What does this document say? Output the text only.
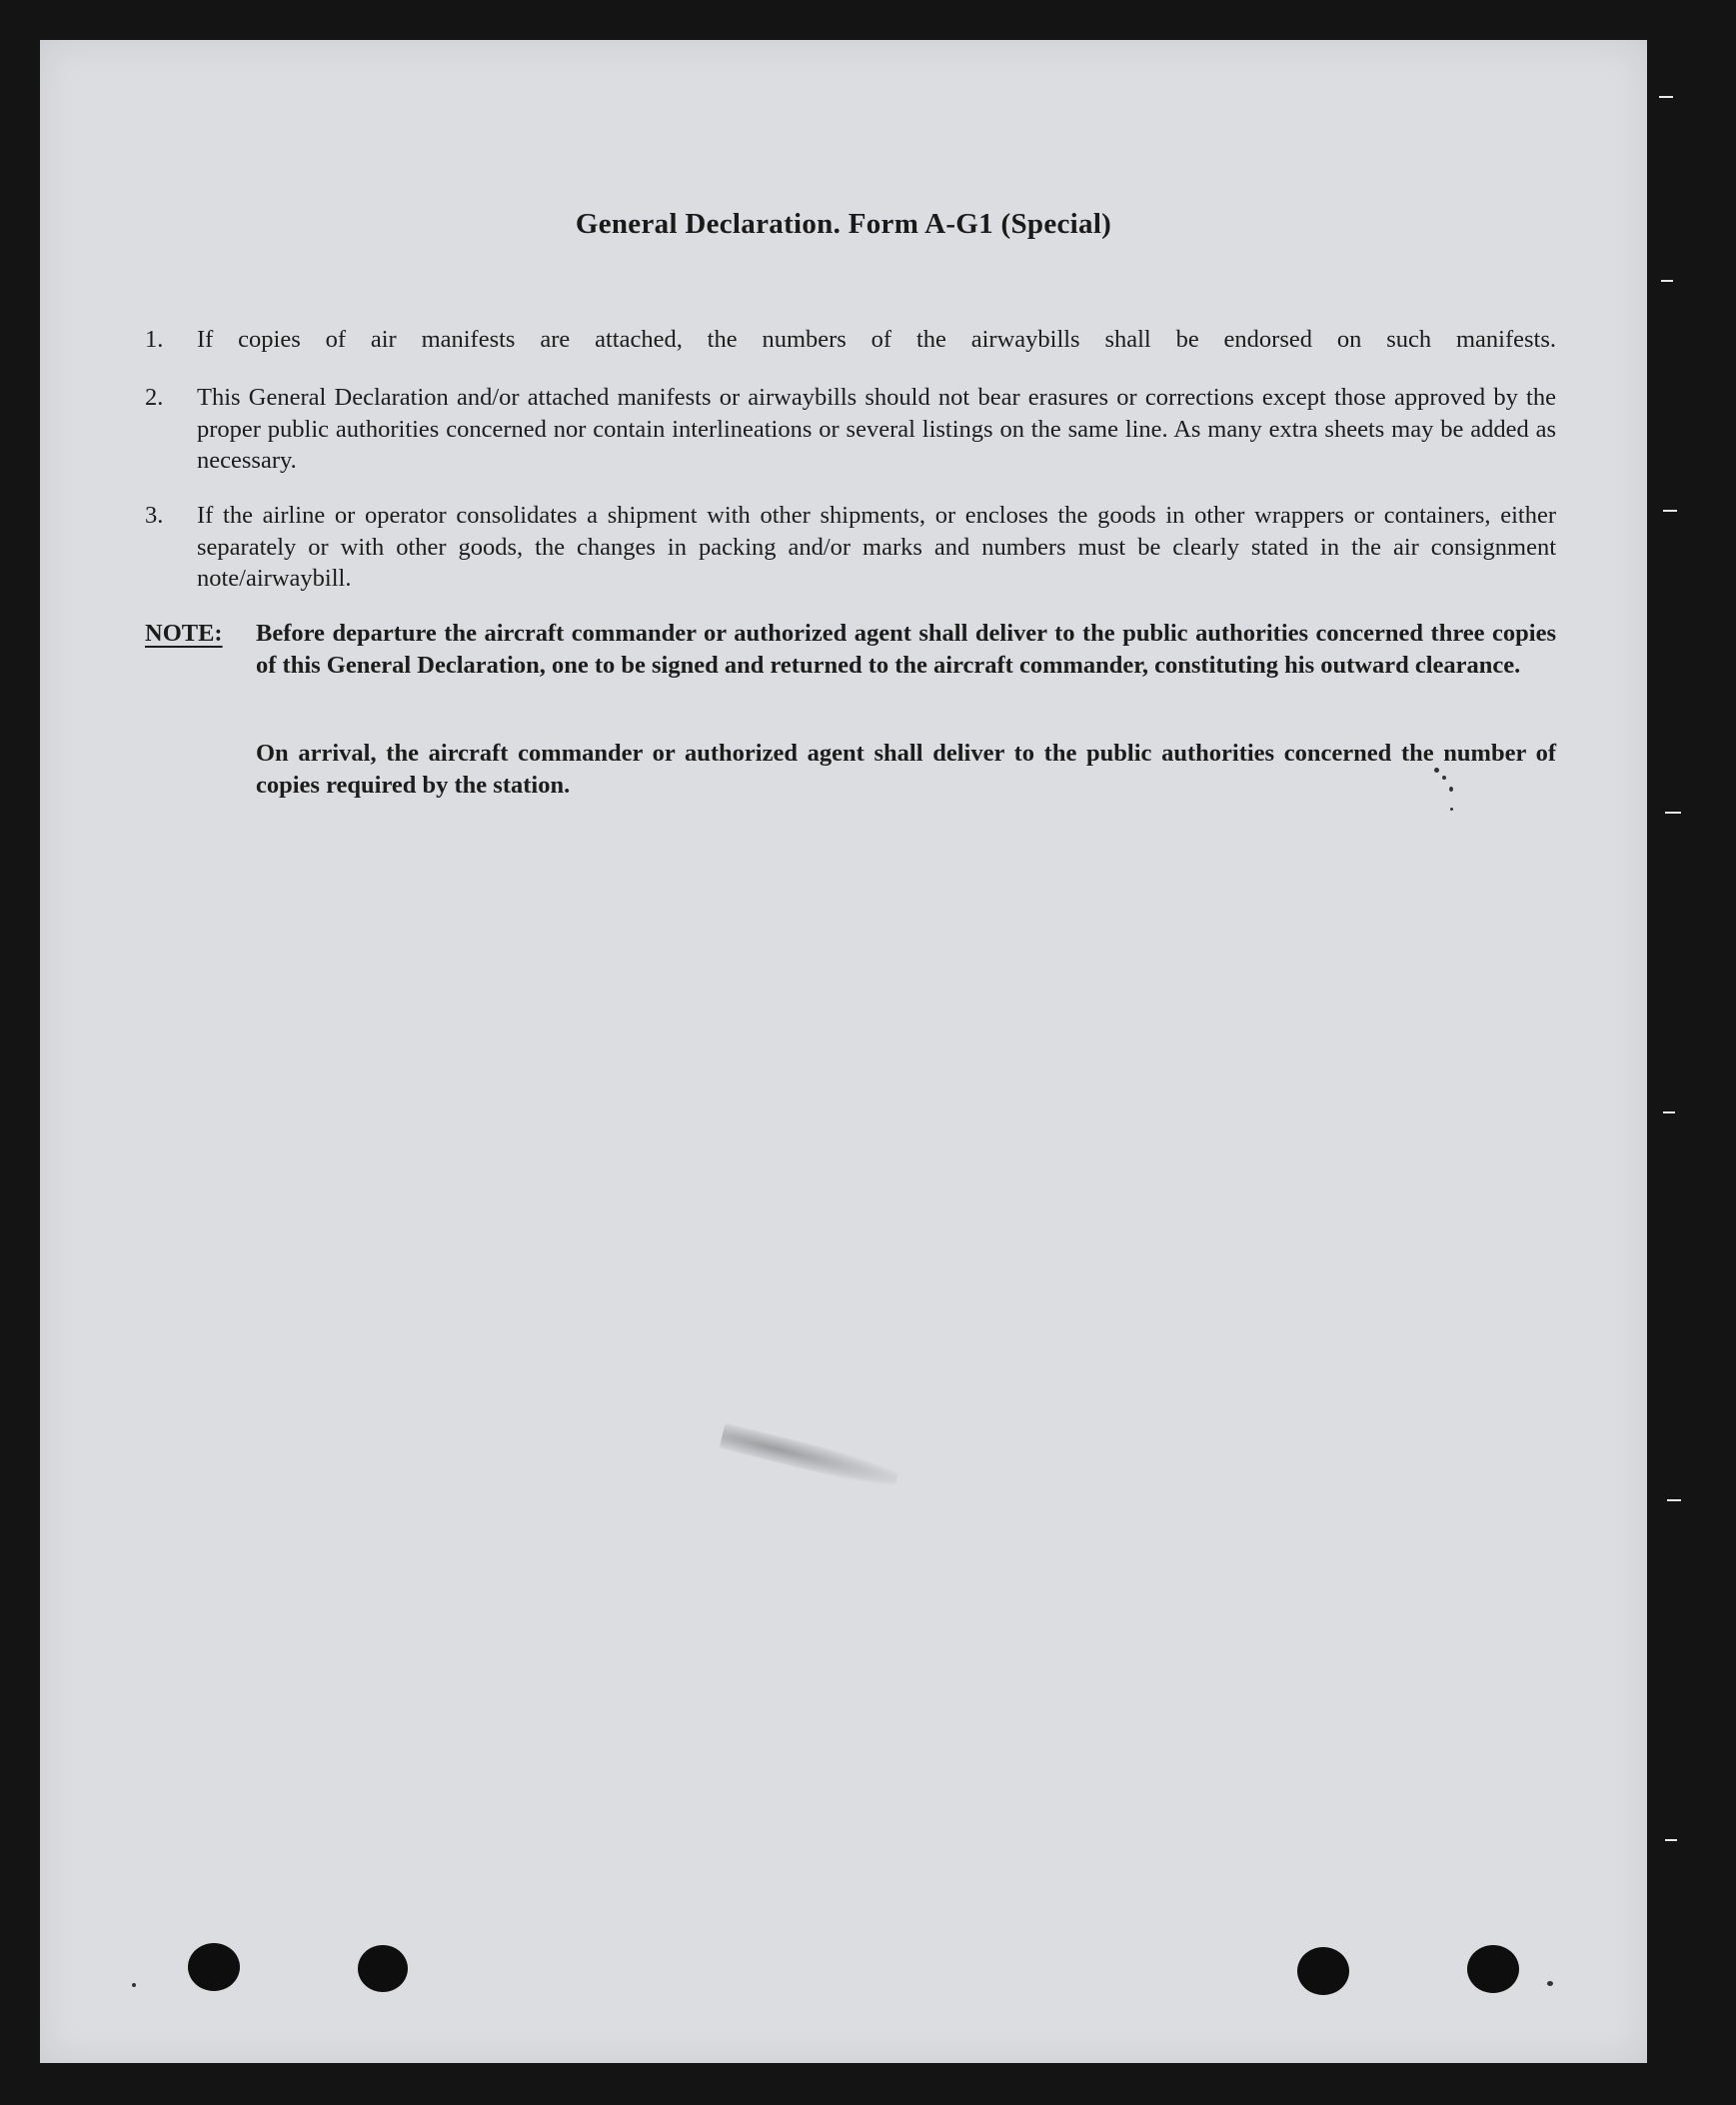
General Declaration. Form A-G1 (Special)
1.	If copies of air manifests are attached, the numbers of the airwaybills shall be endorsed on such manifests.
2.	This General Declaration and/or attached manifests or airwaybills should not bear erasures or corrections except those approved by the proper public authorities concerned nor contain interlineations or several listings on the same line. As many extra sheets may be added as necessary.
3.	If the airline or operator consolidates a shipment with other shipments, or encloses the goods in other wrappers or containers, either separately or with other goods, the changes in packing and/or marks and numbers must be clearly stated in the air consignment note/airwaybill.
NOTE: Before departure the aircraft commander or authorized agent shall deliver to the public authorities concerned three copies of this General Declaration, one to be signed and returned to the aircraft commander, constituting his outward clearance.
On arrival, the aircraft commander or authorized agent shall deliver to the public authorities concerned the number of copies required by the station.
